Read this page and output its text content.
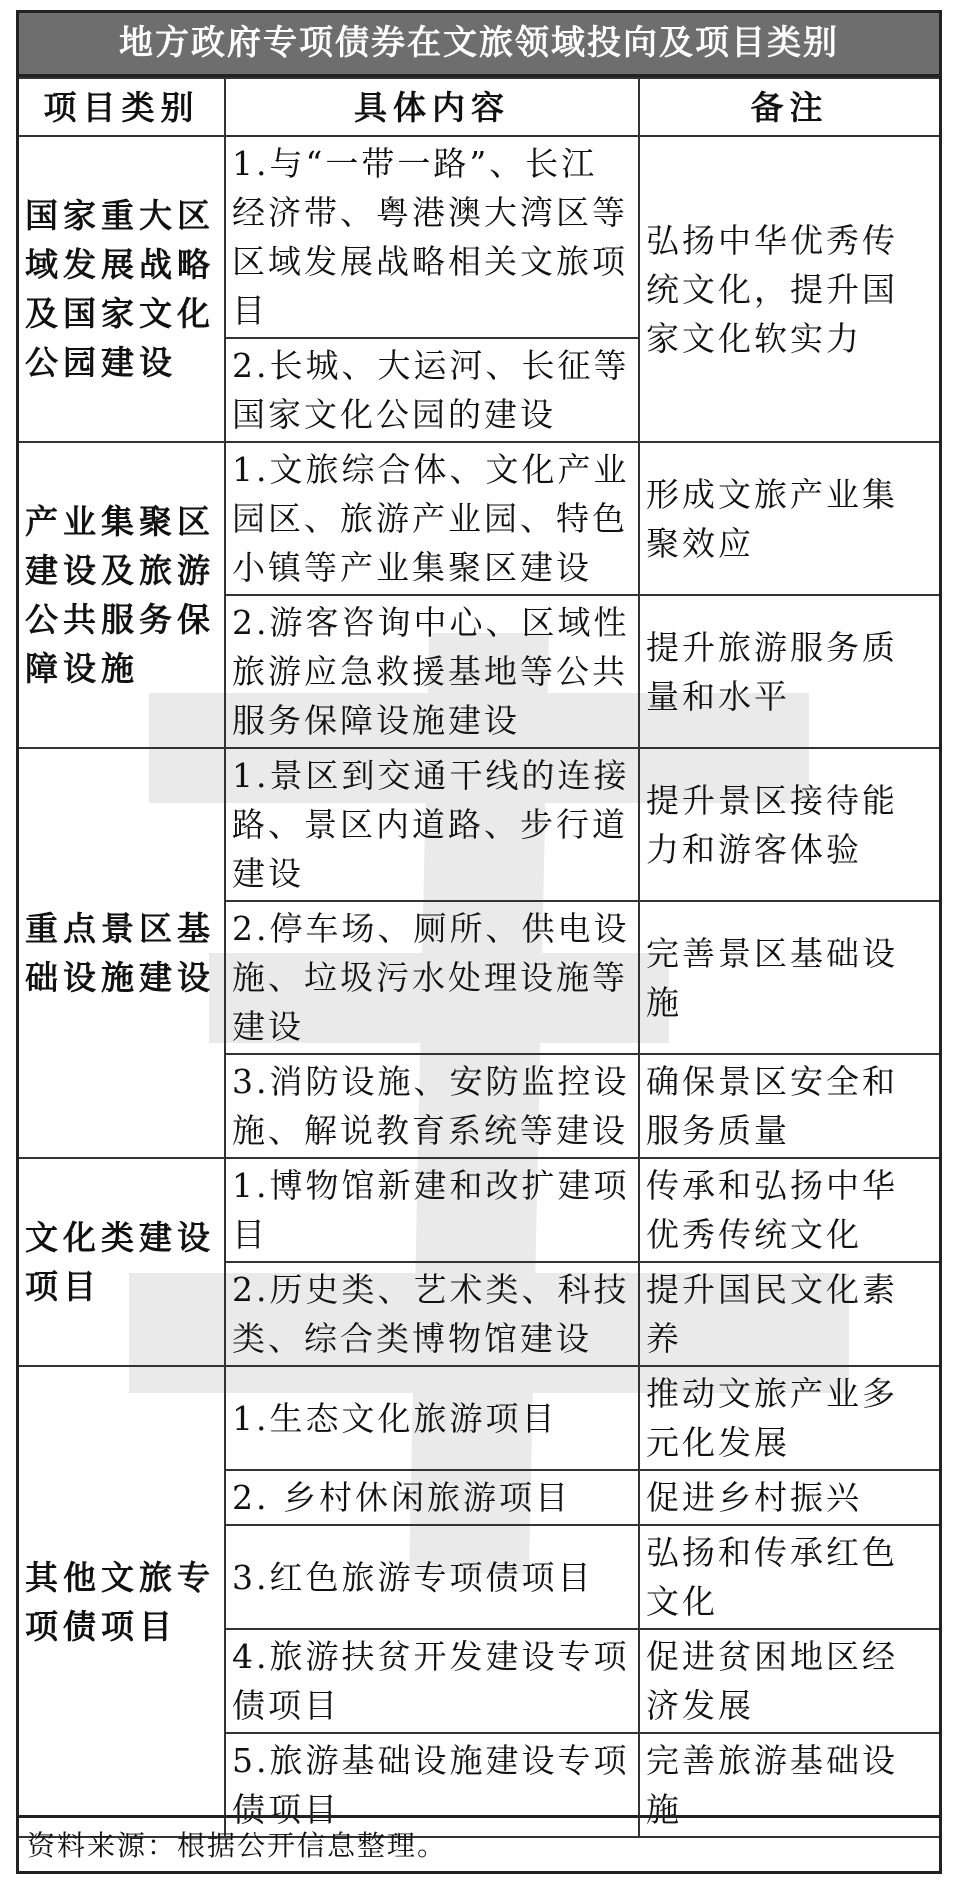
地方政府专项债券在文旅领域投向及项目类别
项目类别	具体内容	备注
国家重大区域发展战略及国家文化公园建设	1.与“一带一路”、长江经济带、粤港澳大湾区等区域发展战略相关文旅项目	弘扬中华优秀传统文化，提升国家文化软实力
	2.长城、大运河、长征等国家文化公园的建设	
产业集聚区建设及旅游公共服务保障设施	1.文旅综合体、文化产业园区、旅游产业园、特色小镇等产业集聚区建设	形成文旅产业集聚效应
	2.游客咨询中心、区域性旅游应急救援基地等公共服务保障设施建设	提升旅游服务质量和水平
重点景区基础设施建设	1.景区到交通干线的连接路、景区内道路、步行道建设	提升景区接待能力和游客体验
	2.停车场、厕所、供电设施、垃圾污水处理设施等建设	完善景区基础设施
	3.消防设施、安防监控设施、解说教育系统等建设	确保景区安全和服务质量
文化类建设项目	1.博物馆新建和改扩建项目	传承和弘扬中华优秀传统文化
	2.历史类、艺术类、科技类、综合类博物馆建设	提升国民文化素养
其他文旅专项债项目	1.生态文化旅游项目	推动文旅产业多元化发展
	2. 乡村休闲旅游项目	促进乡村振兴
	3.红色旅游专项债项目	弘扬和传承红色文化
	4.旅游扶贫开发建设专项债项目	促进贫困地区经济发展
	5.旅游基础设施建设专项债项目	完善旅游基础设施
资料来源：根据公开信息整理。
